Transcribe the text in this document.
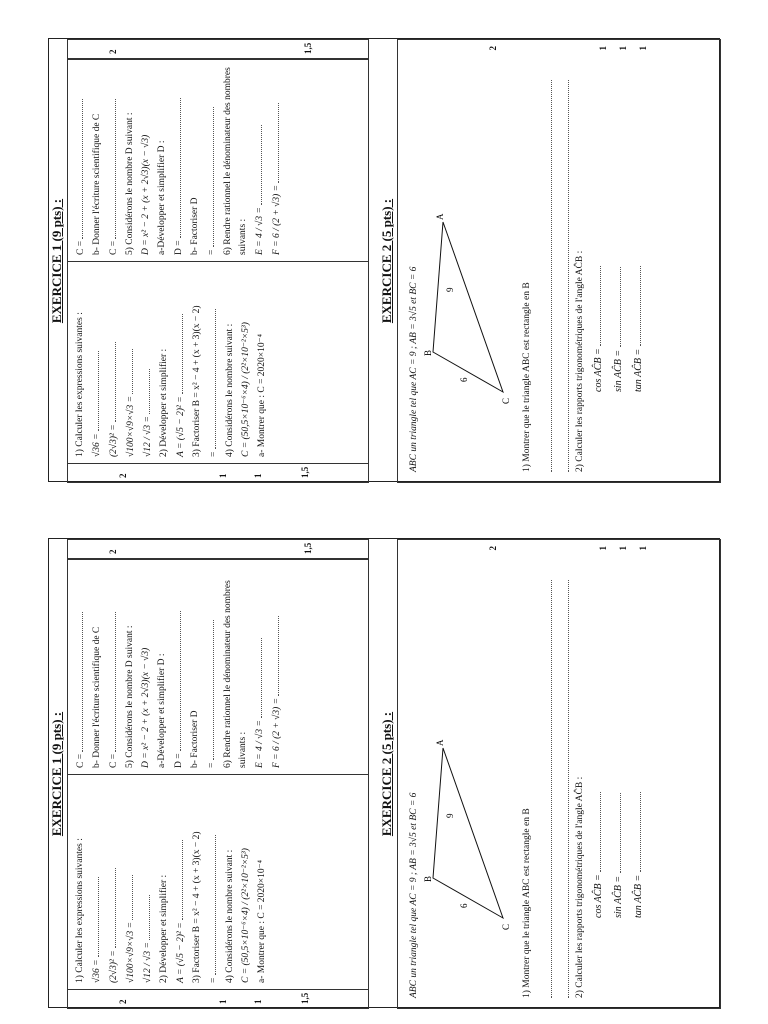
EXERCICE 1 (9 pts) :
2	1	1	1,5
1) Calculer les expressions suivantes : √36 = (2√3)² = √100×√9×√3 = √12 / √3 = 2) Développer et simplifier : A = (√5 − 2)² = 3) Factoriser B = x² − 4 + (x + 3)(x − 2) = 4) Considérons le nombre suivant : C = (50,5×10⁻⁶×4) / (2²×10⁻²×5³) a- Montrer que : C = 2020×10⁻⁴
C = b- Donner l'écriture scientifique de C C = 5) Considérons le nombre D suivant : D = x² − 2 + (x + 2√3)(x − √3) a-Développer et simplifier D : D = b- Factoriser D = 6) Rendre rationnel le dénominateur des nombres suivants : E = 4 / √3 = F = 6 / (2 + √3) =
2	1,5
EXERCICE 2 (5 pts) :
ABC un triangle tel que AC = 9 ; AB = 3√5 et BC = 6	C
B
A
6
9	1) Montrer que le triangle ABC est rectangle en B	2) Calculer les rapports trigonométriques de l'angle AĈB : cos AĈB = sin AĈB = tan AĈB =
2	1 1 1
EXERCICE 1 (9 pts) :
2	1	1	1,5
1) Calculer les expressions suivantes : √36 = (2√3)² = √100×√9×√3 = √12 / √3 = 2) Développer et simplifier : A = (√5 − 2)² = 3) Factoriser B = x² − 4 + (x + 3)(x − 2) = 4) Considérons le nombre suivant : C = (50,5×10⁻⁶×4) / (2²×10⁻²×5³) a- Montrer que : C = 2020×10⁻⁴
C = b- Donner l'écriture scientifique de C C = 5) Considérons le nombre D suivant : D = x² − 2 + (x + 2√3)(x − √3) a-Développer et simplifier D : D = b- Factoriser D = 6) Rendre rationnel le dénominateur des nombres suivants : E = 4 / √3 = F = 6 / (2 + √3) =
2	1,5
EXERCICE 2 (5 pts) :
ABC un triangle tel que AC = 9 ; AB = 3√5 et BC = 6	C
B
A
6
9	1) Montrer que le triangle ABC est rectangle en B	2) Calculer les rapports trigonométriques de l'angle AĈB : cos AĈB = sin AĈB = tan AĈB =
2	1 1 1
